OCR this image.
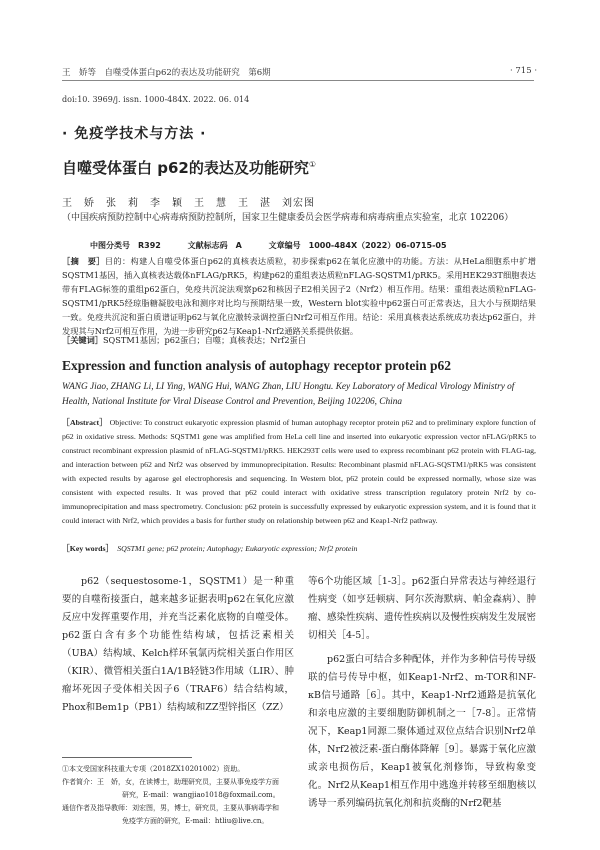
王　娇等　自噬受体蛋白p62的表达及功能研究　第6期	· 715 ·
doi:10. 3969/j. issn. 1000-484X. 2022. 06. 014
· 免疫学技术与方法 ·
自噬受体蛋白 p62的表达及功能研究①
王　娇　张　莉　李　颖　王　慧　王　湛　刘宏图
（中国疾病预防控制中心病毒病预防控制所，国家卫生健康委员会医学病毒和病毒病重点实验室，北京 102206）
中图分类号　R392	文献标志码　A	文章编号　1000-484X（2022）06-0715-05
［摘　要］目的：构建人自噬受体蛋白p62的真核表达质粒，初步探索p62在氧化应激中的功能。方法：从HeLa细胞系中扩增SQSTM1基因，插入真核表达载体nFLAG/pRK5，构建p62的重组表达质粒nFLAG-SQSTM1/pRK5。采用HEK293T细胞表达带有FLAG标签的重组p62蛋白，免疫共沉淀法观察p62和核因子E2相关因子2（Nrf2）相互作用。结果：重组表达质粒nFLAG-SQSTM1/pRK5经琼脂糖凝胶电泳和测序对比均与预期结果一致，Western blot实验中p62蛋白可正常表达，且大小与预期结果一致。免疫共沉淀和蛋白质谱证明p62与氧化应激转录调控蛋白Nrf2可相互作用。结论：采用真核表达系统成功表达p62蛋白，并发现其与Nrf2可相互作用，为进一步研究p62与Keap1-Nrf2通路关系提供依据。
［关键词］SQSTM1基因；p62蛋白；自噬；真核表达；Nrf2蛋白
Expression and function analysis of autophagy receptor protein p62
WANG Jiao, ZHANG Li, LI Ying, WANG Hui, WANG Zhan, LIU Hongtu. Key Laboratory of Medical Virology Ministry of Health, National Institute for Viral Disease Control and Prevention, Beijing 102206, China
［Abstract］ Objective: To construct eukaryotic expression plasmid of human autophagy receptor protein p62 and to preliminary explore function of p62 in oxidative stress. Methods: SQSTM1 gene was amplified from HeLa cell line and inserted into eukaryotic expression vector nFLAG/pRK5 to construct recombinant expression plasmid of nFLAG-SQSTM1/pRK5. HEK293T cells were used to express recombinant p62 protein with FLAG-tag, and interaction between p62 and Nrf2 was observed by immunoprecipitation. Results: Recombinant plasmid nFLAG-SQSTM1/pRK5 was consistent with expected results by agarose gel electrophoresis and sequencing. In Western blot, p62 protein could be expressed normally, whose size was consistent with expected results. It was proved that p62 could interact with oxidative stress transcription regulatory protein Nrf2 by co-immunoprecipitation and mass spectrometry. Conclusion: p62 protein is successfully expressed by eukaryotic expression system, and it is found that it could interact with Nrf2, which provides a basis for further study on relationship between p62 and Keap1-Nrf2 pathway.
［Key words］　 SQSTM1 gene; p62 protein; Autophagy; Eukaryotic expression; Nrf2 protein

p62（sequestosome-1，SQSTM1）是一种重要的自噬衔接蛋白，越来越多证据表明p62在氧化应激反应中发挥重要作用，并充当泛素化底物的自噬受体。p62蛋白含有多个功能性结构域，包括泛素相关（UBA）结构域、Kelch样环氧氯丙烷相关蛋白作用区（KIR）、微管相关蛋白1A/1B轻链3作用域（LIR）、肿瘤坏死因子受体相关因子6（TRAF6）结合结构域，Phox和Bem1p（PB1）结构域和ZZ型锌指区（ZZ）

等6个功能区域［1-3］。p62蛋白异常表达与神经退行性病变（如亨廷顿病、阿尔茨海默病、帕金森病）、肿瘤、感染性疾病、遗传性疾病以及慢性疾病发生发展密切相关［4-5］。

p62蛋白可结合多种配体，并作为多种信号传导级联的信号传导中枢，如Keap1-Nrf2、m-TOR和NF-κB信号通路［6］。其中，Keap1-Nrf2通路是抗氧化和亲电应激的主要细胞防御机制之一［7-8］。正常情况下，Keap1同源二聚体通过双位点结合识别Nrf2单体，Nrf2被泛素-蛋白酶体降解［9］。暴露于氧化应激或亲电损伤后，Keap1被氧化剂修饰，导致构象变化。Nrf2从Keap1相互作用中逃逸并转移至细胞核以诱导一系列编码抗氧化剂和抗炎酶的Nrf2靶基

①本文受国家科技重大专项（2018ZX10201002）资助。
作者简介：王　娇，女，在读博士，助理研究员，主要从事免疫学方面
研究，E-mail：wangjiao1018@foxmail.com。
通信作者及指导教师：刘宏图，男，博士，研究员，主要从事病毒学和
免疫学方面的研究，E-mail：htliu@live.cn。
